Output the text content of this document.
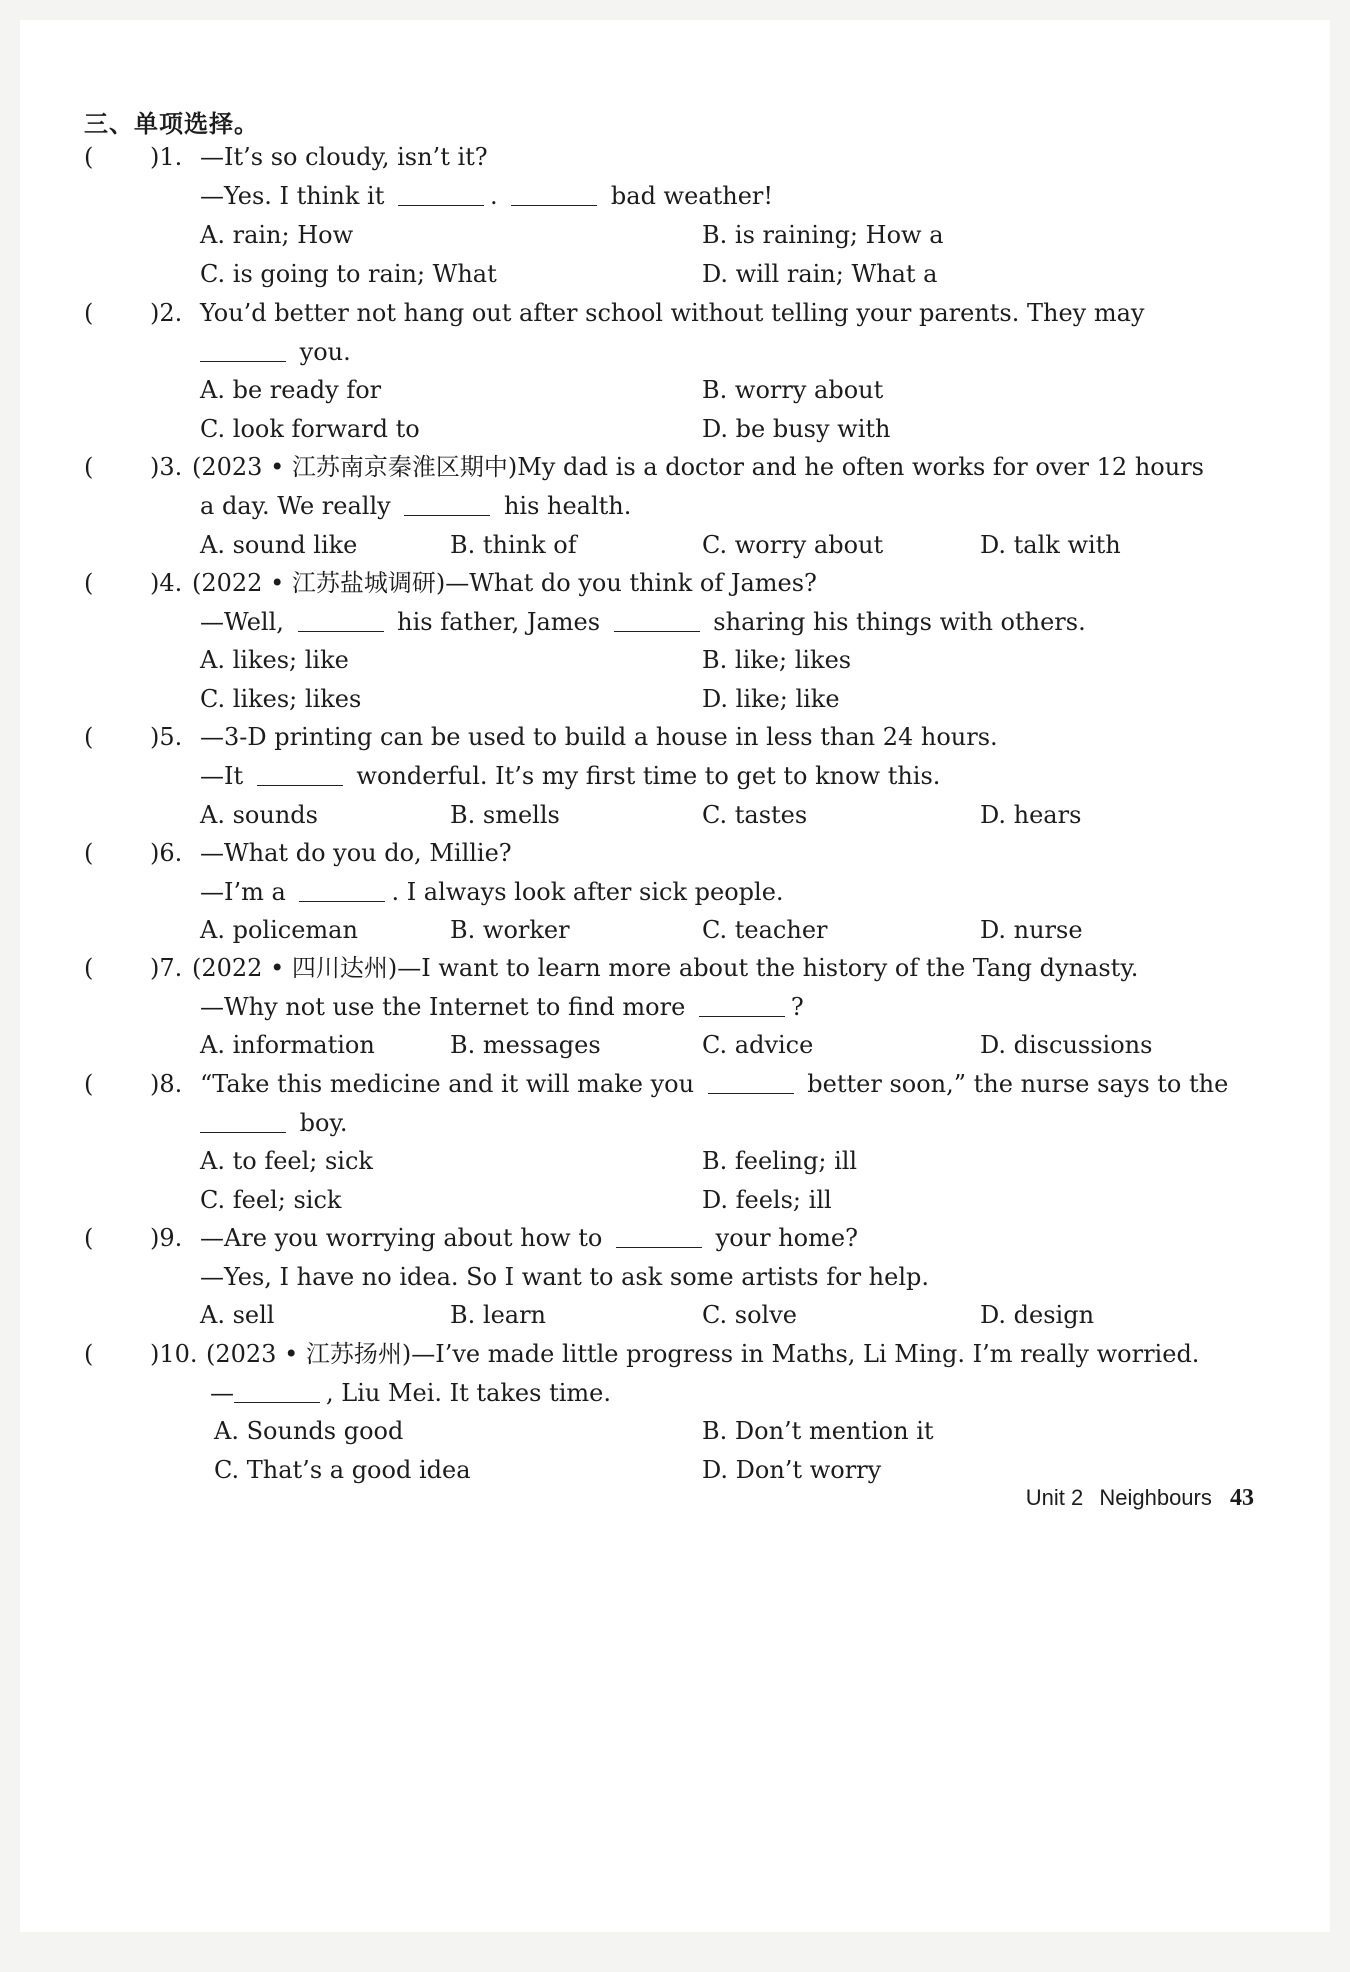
三、单项选择。
( )1. —It’s so cloudy, isn’t it?
—Yes. I think it	.	bad weather!
A. rain; How	B. is raining; How a
C. is going to rain; What	D. will rain; What a
( )2. You’d better not hang out after school without telling your parents. They may
you.
A. be ready for	B. worry about
C. look forward to	D. be busy with
( )3. (2023 • 江苏南京秦淮区期中)My dad is a doctor and he often works for over 12 hours
a day. We really	his health.
A. sound like	B. think of	C. worry about	D. talk with
( )4. (2022 • 江苏盐城调研)—What do you think of James?
—Well,	his father, James	sharing his things with others.
A. likes; like	B. like; likes
C. likes; likes	D. like; like
( )5. —3-D printing can be used to build a house in less than 24 hours.
—It	wonderful. It’s my first time to get to know this.
A. sounds	B. smells	C. tastes	D. hears
( )6. —What do you do, Millie?
—I’m a	. I always look after sick people.
A. policeman	B. worker	C. teacher	D. nurse
( )7. (2022 • 四川达州)—I want to learn more about the history of the Tang dynasty.
—Why not use the Internet to find more	?
A. information	B. messages	C. advice	D. discussions
( )8. “Take this medicine and it will make you	better soon,” the nurse says to the
boy.
A. to feel; sick	B. feeling; ill
C. feel; sick	D. feels; ill
( )9. —Are you worrying about how to	your home?
—Yes, I have no idea. So I want to ask some artists for help.
A. sell	B. learn	C. solve	D. design
( )10. (2023 • 江苏扬州)—I’ve made little progress in Maths, Li Ming. I’m really worried.
—	, Liu Mei. It takes time.
A. Sounds good	B. Don’t mention it
C. That’s a good idea	D. Don’t worry
Unit 2 Neighbours 43
